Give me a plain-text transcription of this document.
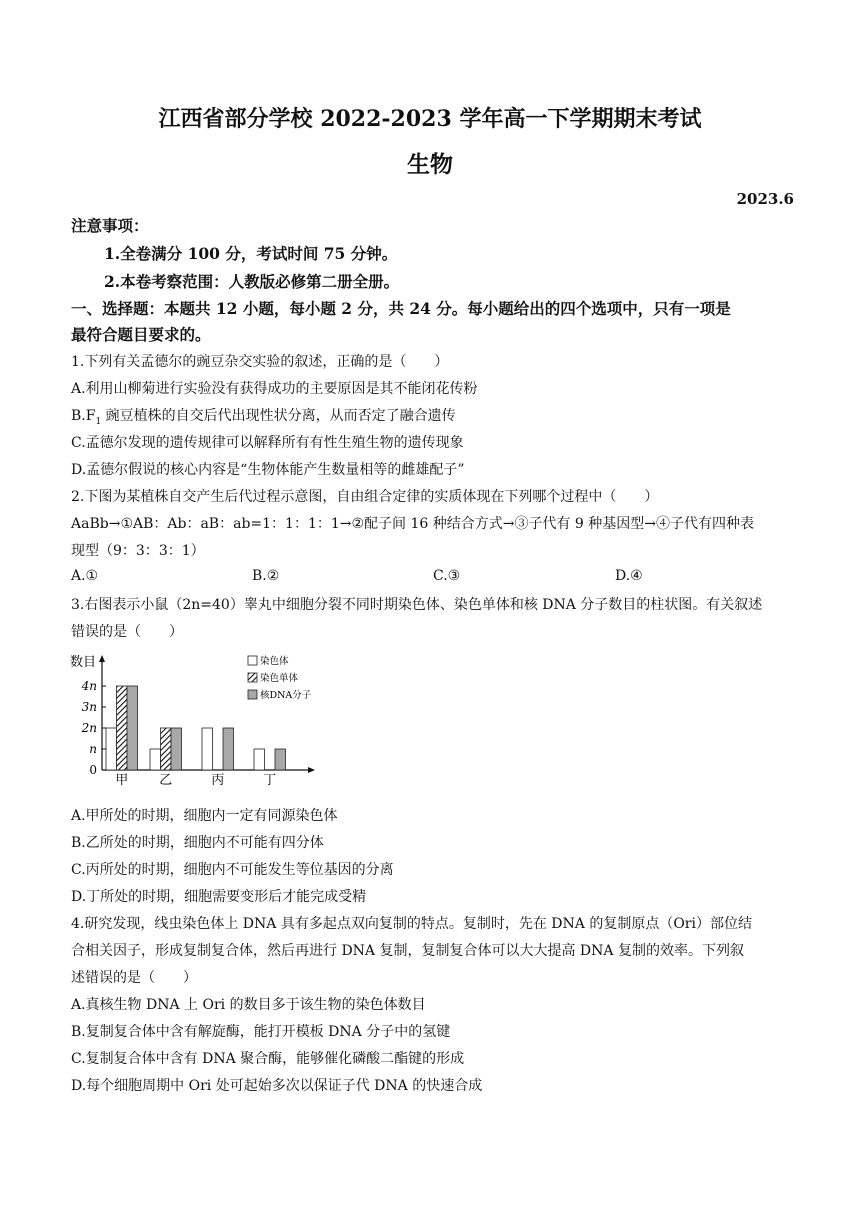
江西省部分学校 2022-2023 学年高一下学期期末考试
生物
2023.6
注意事项：
1.全卷满分 100 分，考试时间 75 分钟。
2.本卷考察范围：人教版必修第二册全册。
一、选择题：本题共 12 小题，每小题 2 分，共 24 分。每小题给出的四个选项中，只有一项是
最符合题目要求的。
1.下列有关孟德尔的豌豆杂交实验的叙述，正确的是（　　）
A.利用山柳菊进行实验没有获得成功的主要原因是其不能闭花传粉
$B.F_1$ 豌豆植株的自交后代出现性状分离，从而否定了融合遗传
C.孟德尔发现的遗传规律可以解释所有有性生殖生物的遗传现象
D.孟德尔假说的核心内容是“生物体能产生数量相等的雌雄配子”
2.下图为某植株自交产生后代过程示意图，自由组合定律的实质体现在下列哪个过程中（　　）
AaBb→①AB：Ab：aB：ab=1：1：1：1→②配子间 16 种结合方式→③子代有 9 种基因型→④子代有四种表
现型（9：3：3：1）
A.①	B.②	C.③	D.④
3.右图表示小鼠（2n=40）睾丸中细胞分裂不同时期染色体、染色单体和核 DNA 分子数目的柱状图。有关叙述
错误的是（　　）
数目
0
n
2n
3n
4n
甲 乙	丙	丁
染色体
染色单体
核DNA分子
A.甲所处的时期，细胞内一定有同源染色体
B.乙所处的时期，细胞内不可能有四分体
C.丙所处的时期，细胞内不可能发生等位基因的分离
D.丁所处的时期，细胞需要变形后才能完成受精
4.研究发现，线虫染色体上 DNA 具有多起点双向复制的特点。复制时，先在 DNA 的复制原点（Ori）部位结
合相关因子，形成复制复合体，然后再进行 DNA 复制，复制复合体可以大大提高 DNA 复制的效率。下列叙
述错误的是（　　）
A.真核生物 DNA 上 Ori 的数目多于该生物的染色体数目
B.复制复合体中含有解旋酶，能打开模板 DNA 分子中的氢键
C.复制复合体中含有 DNA 聚合酶，能够催化磷酸二酯键的形成
D.每个细胞周期中 Ori 处可起始多次以保证子代 DNA 的快速合成
